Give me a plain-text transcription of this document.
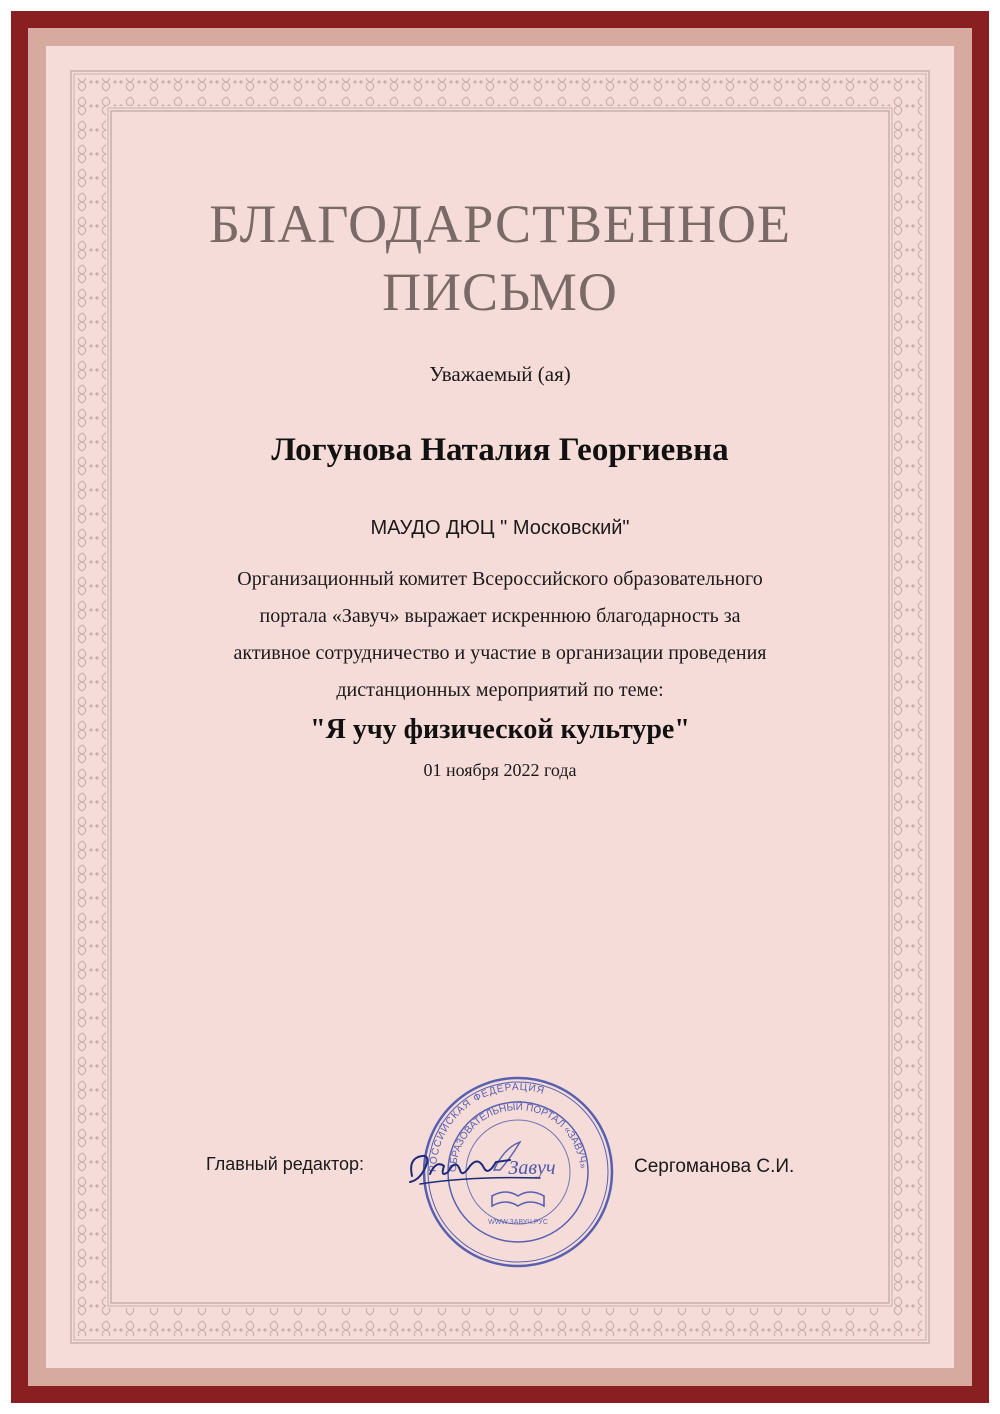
БЛАГОДАРСТВЕННОЕ
ПИСЬМО
Уважаемый (ая)
Логунова Наталия Георгиевна
МАУДО ДЮЦ " Московский"
Организационный комитет Всероссийского образовательного
портала «Завуч» выражает искреннюю благодарность за
активное сотрудничество и участие в организации проведения
дистанционных мероприятий по теме:
"Я учу физической культуре"
01 ноября 2022 года
Главный редактор:	Сергоманова С.И.
РОССИЙСКАЯ ФЕДЕРАЦИЯ
ОБРАЗОВАТЕЛЬНЫЙ ПОРТАЛ «ЗАВУЧ»
Завуч
WWW.ЗАВУЧ.РУС
